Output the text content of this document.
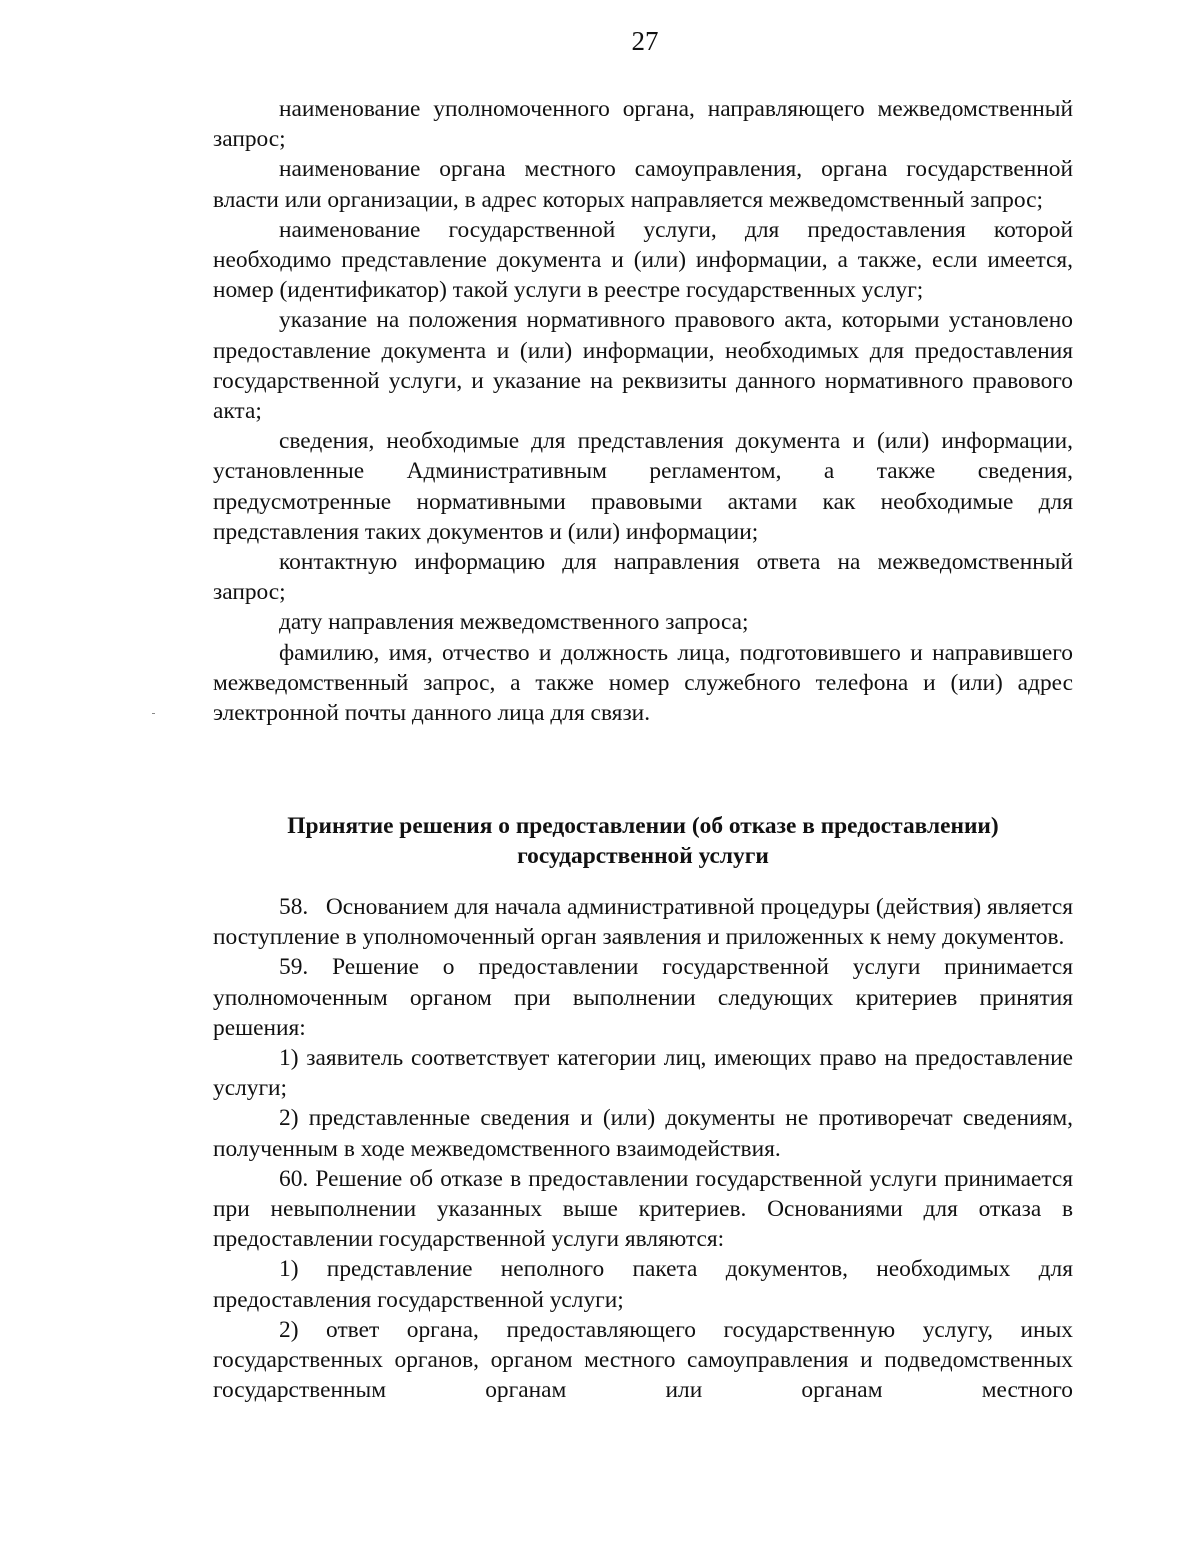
27

наименование уполномоченного органа, направляющего межведомственный запрос;

наименование органа местного самоуправления, органа государственной власти или организации, в адрес которых направляется межведомственный запрос;

наименование государственной услуги, для предоставления которой необходимо представление документа и (или) информации, а также, если имеется, номер (идентификатор) такой услуги в реестре государственных услуг;

указание на положения нормативного правового акта, которыми установлено предоставление документа и (или) информации, необходимых для предоставления государственной услуги, и указание на реквизиты данного нормативного правового акта;

сведения, необходимые для представления документа и (или) информации, установленные Административным регламентом, а также сведения, предусмотренные нормативными правовыми актами как необходимые для представления таких документов и (или) информации;

контактную информацию для направления ответа на межведомственный запрос;

дату направления межведомственного запроса;

фамилию, имя, отчество и должность лица, подготовившего и направившего межведомственный запрос, а также номер служебного телефона и (или) адрес электронной почты данного лица для связи.

Принятие решения о предоставлении (об отказе в предоставлении)
государственной услуги

58.   Основанием для начала административной процедуры (действия) является поступление в уполномоченный орган заявления и приложенных к нему документов.

59. Решение о предоставлении государственной услуги принимается уполномоченным органом при выполнении следующих критериев принятия решения:

1) заявитель соответствует категории лиц, имеющих право на предоставление услуги;

2) представленные сведения и (или) документы не противоречат сведениям, полученным в ходе межведомственного взаимодействия.

60. Решение об отказе в предоставлении государственной услуги принимается при невыполнении указанных выше критериев. Основаниями для отказа в предоставлении государственной услуги являются:

1) представление неполного пакета документов, необходимых для предоставления государственной услуги;

2) ответ органа, предоставляющего государственную услугу, иных государственных органов, органом местного самоуправления и подведомственных государственным органам или органам местного
